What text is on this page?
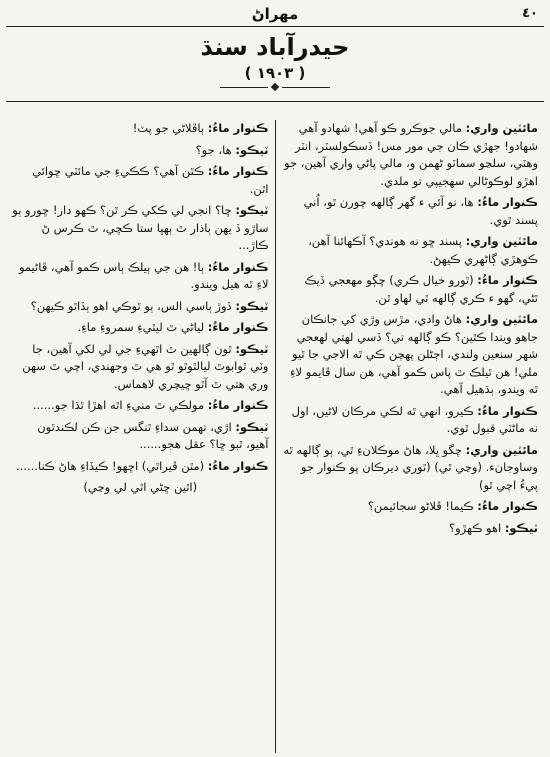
٤٠
مهراڻ
حيدرآباد سنڌ
( ١٩٠٣ )
مائٽين واري: مالي جوڪرو ڪو آهي! شهادو آهي شهادو! جهڙي ڪان جي مور مس! ڏسڪولسٽر، انٽر وهٽي، سلڃو سماٽو ڻهمن و، مالي پاڻي واري آهين، جو اهڙو لوڪوڻالي سهجيپي تو ملدي.
ڪنوار ماءُ: ها، نو آئي ء گهر ڳالهه چورن ٿو، اُني پسند ٿوي.
مائٽين واري: پسند ڇو نه هوندي؟ آڪهائنا آهن، ڪوهڙي ڳاڻهري ڪيهڻ.
ڪنوار ماءُ: (ٿورو خيال ڪري) ڇڳو مهعجي ڏيڪ ٿڻي، گهو ء ڪري ڳالهه ٿي لهاو ٿن.
مائٽين واري: هاڻ وادي، مڙس وڙي کي جانڪان جاهو ويندا ڪٿين؟ ڪو ڳالهه تي؟ ڏسي لهتي لهعجي شهر سنعين ولندي، اڄڻلن پهچن ڪي ٿه الاجي جا ٿيو ملي! هن ٿيلڪ ٿ پاس ڪمو آهي، هن سال ڦايمو لاءِ ٿه ويندو، ٻڌهيل آهي.
ڪنوار ماءُ: ڪيرو، انهي ٿه لڪي مرڪان لاڻيں، اول نه ماڻٽي قبول ٿوي.
مائٽين واري: ڇگو ڀلا، هاڻ موڪلانءِ ٿي، ٻو ڳالهه ٿه وساوجانء. (وڃي ٿي) (ٿوري ديرڪان پو ڪنوار جو پيءُ اچي ٿو)
ڪنوار ماءُ: ڪيما! ڦلاڻو سجائيمن؟
ٽيڪو: اهو ڪهڙو؟
ڪنوار ماءُ: ٻاڦلاڻي جو پٽ!
ٽيڪو: ها، جو؟
ڪنوار ماءُ: ڪٿن آهي؟ ڪڪيءِ جي مائٽي ڇوائي اٿن.
ٽيڪو: ڇا؟ انجي لي ڪکي ڪر ٿن؟ ڪهو دار! ڇورو ٻو ساڙو ڏ يهن ٻاذار ٿ ٻهڀا ستا ڪڇي، ٿ ڪرس ڻ ڪاڙ...
ڪنوار ماءُ: ٻا! هن جي ٻيلڪ ٻاس ڪمو آهي، ڦاڻيمو لاءِ ٿه هيل ويندو.
ٽيڪو: ڏوڙ ٻاسي الس، ٻو ٿوڪي اهو ٻڏاٿو ڪيهن؟
ڪنوار ماءُ: لياڻي ٿ ليٿيءِ سمروءِ ماءِ.
ٽيڪو: ٿون ڳالهين ٿ اٿهيءِ جي لي لکي آهين، جا وٽي ٿوابوٿ ليالٿوٿو ٿو هي ٿ وجهندي، اچي ٿ سهن وري هتي ٿ آٿو ڇيچري لاهماس.
ڪنوار ماءُ: مولڪي ٿ منيءِ اٿه اهڙا ٿڌا جو......
ٽيڪو: اڙي، تهمن سداءِ ٿنگس جن ڪن لڪندٿون آهيو، ٿبو ڇا؟ عقل هجو......
ڪنوار ماءُ: (مٿن ڦيراٿي) اڇهو! ڪيڏاءِ هاڻ ڪنا......
(اٿين ڇڻي اٿي لي وڃي)
